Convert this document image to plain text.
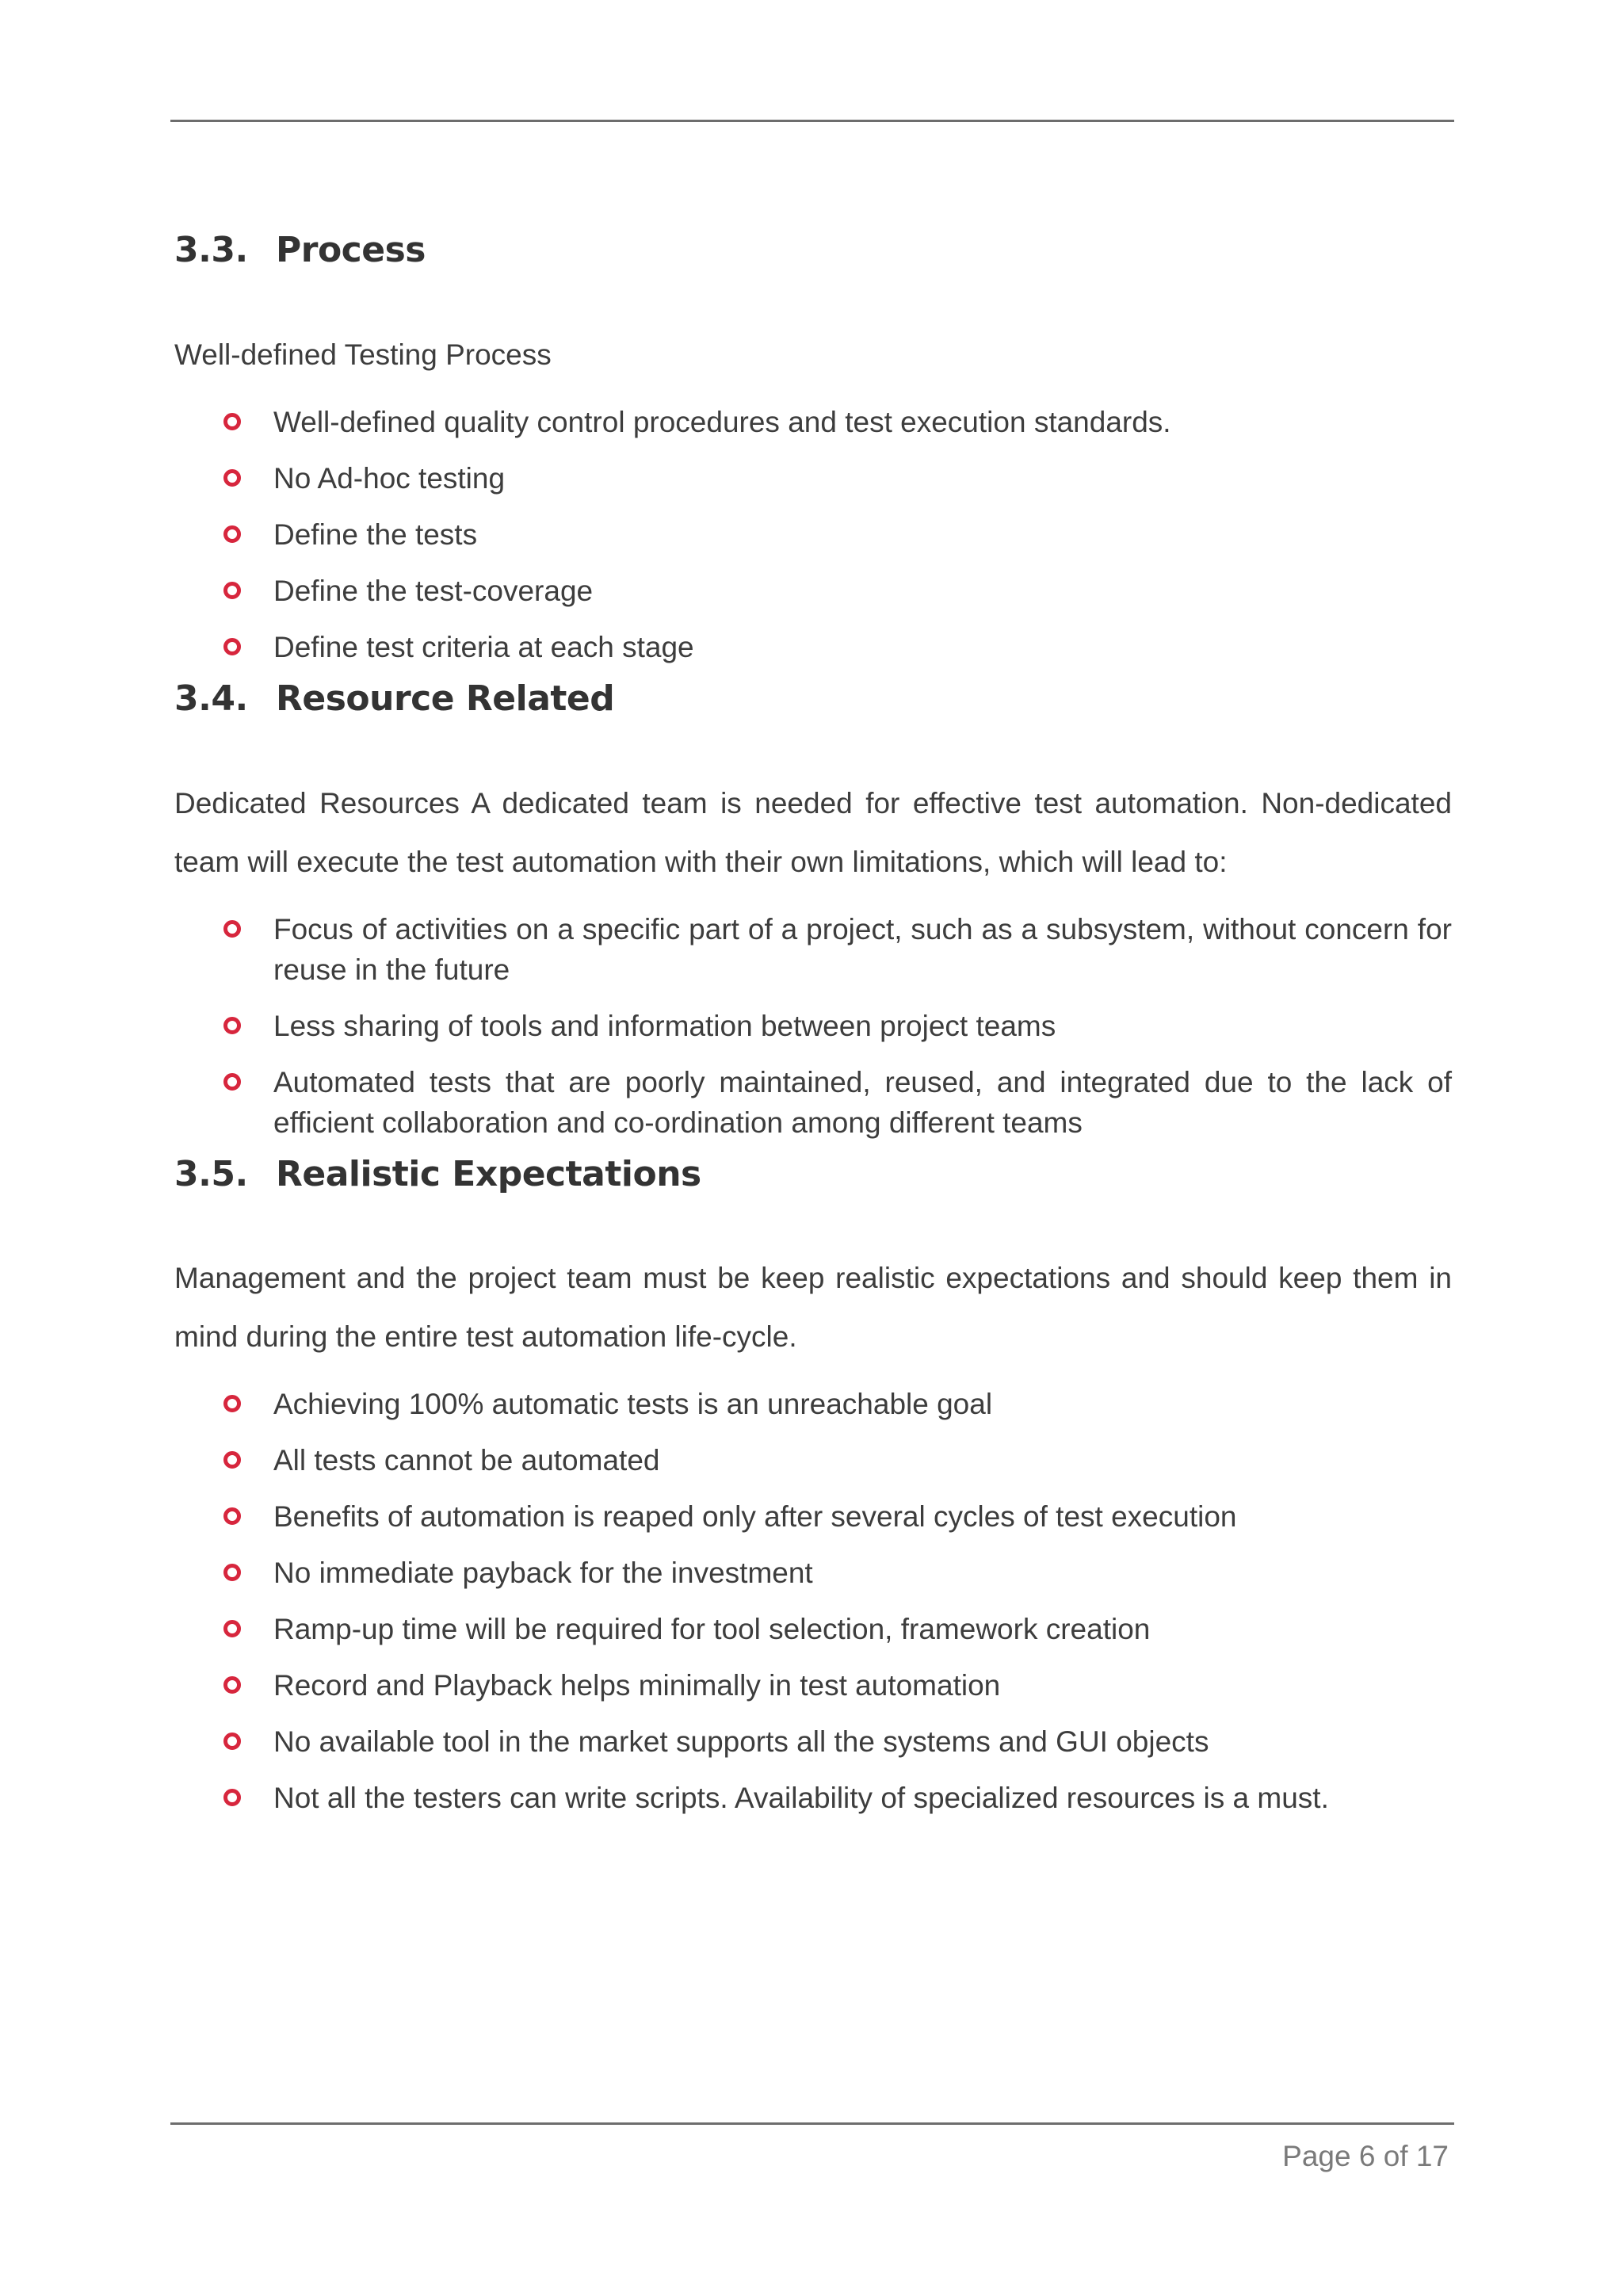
3.3. Process

Well-defined Testing Process

Well-defined quality control procedures and test execution standards.
No Ad-hoc testing
Define the tests
Define the test-coverage
Define test criteria at each stage
3.4. Resource Related

Dedicated Resources A dedicated team is needed for effective test automation. Non-dedicated team will execute the test automation with their own limitations, which will lead to:

Focus of activities on a specific part of a project, such as a subsystem, without concern for reuse in the future
Less sharing of tools and information between project teams
Automated tests that are poorly maintained, reused, and integrated due to the lack of efficient collaboration and co-ordination among different teams
3.5. Realistic Expectations

Management and the project team must be keep realistic expectations and should keep them in mind during the entire test automation life-cycle.

Achieving 100% automatic tests is an unreachable goal
All tests cannot be automated
Benefits of automation is reaped only after several cycles of test execution
No immediate payback for the investment
Ramp-up time will be required for tool selection, framework creation
Record and Playback helps minimally in test automation
No available tool in the market supports all the systems and GUI objects
Not all the testers can write scripts. Availability of specialized resources is a must.
Page 6 of 17
